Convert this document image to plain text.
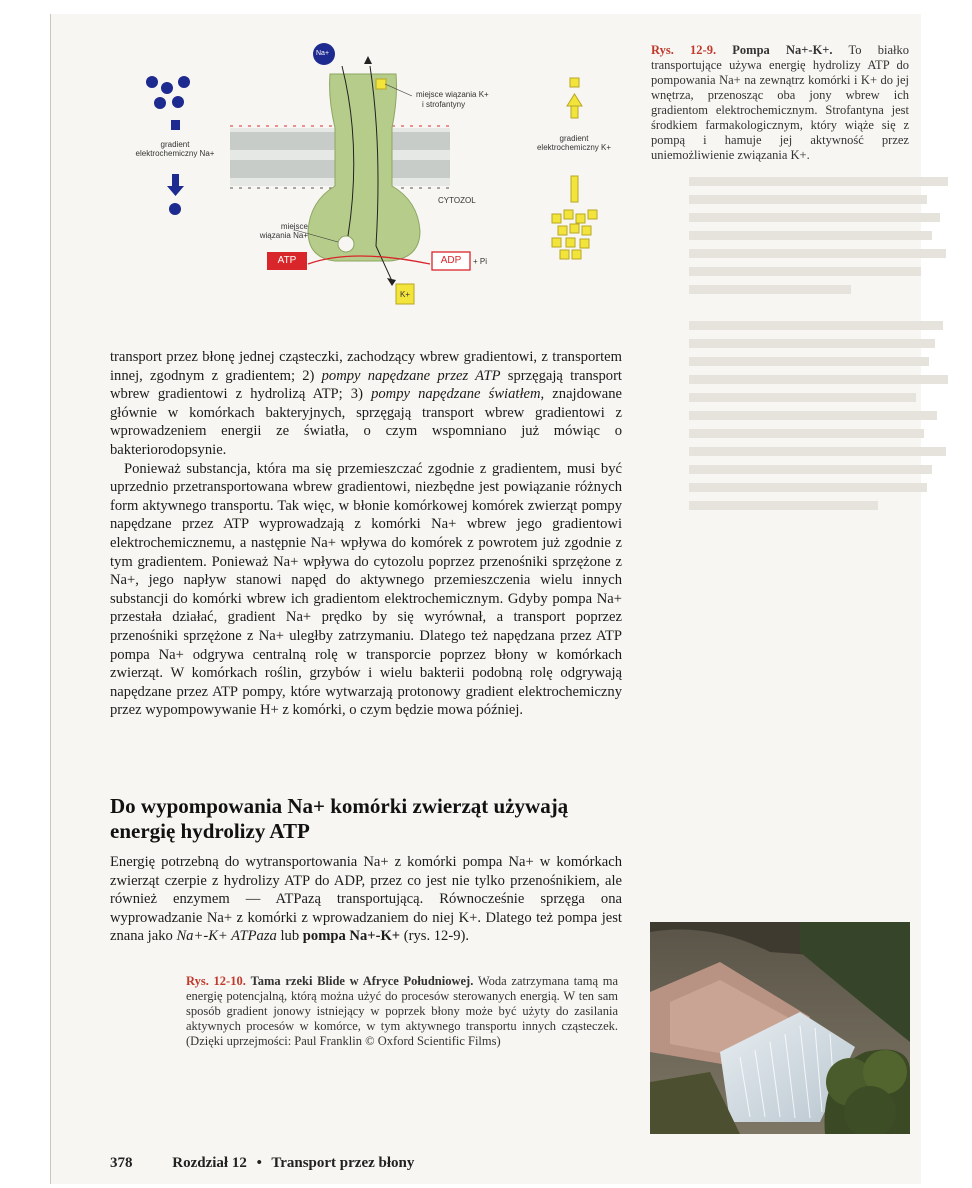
Na+
miejsce wiązania K+
i strofantyny
gradient elektrochemiczny Na+
gradient elektrochemiczny K+
CYTOZOL
miejsce wiązania Na+
ATP	ADP	+ Pi
K+
Rys. 12-9. Pompa Na+-K+. To białko transportujące używa energię hydrolizy ATP do pompowania Na+ na zewnątrz komórki i K+ do jej wnętrza, przenosząc oba jony wbrew ich gradientom elektrochemicznym. Strofantyna jest środkiem farmakologicznym, który wiąże się z pompą i hamuje jej aktywność przez uniemożliwienie związania K+.

transport przez błonę jednej cząsteczki, zachodzący wbrew gradientowi, z transportem innej, zgodnym z gradientem; 2) pompy napędzane przez ATP sprzęgają transport wbrew gradientowi z hydrolizą ATP; 3) pompy napędzane światłem, znajdowane głównie w komórkach bakteryjnych, sprzęgają transport wbrew gradientowi z wprowadzeniem energii ze światła, o czym wspomniano już mówiąc o bakteriorodopsynie.

Ponieważ substancja, która ma się przemieszczać zgodnie z gradientem, musi być uprzednio przetransportowana wbrew gradientowi, niezbędne jest powiązanie różnych form aktywnego transportu. Tak więc, w błonie komórkowej komórek zwierząt pompy napędzane przez ATP wyprowadzają z komórki Na+ wbrew jego gradientowi elektrochemicznemu, a następnie Na+ wpływa do komórek z powrotem już zgodnie z tym gradientem. Ponieważ Na+ wpływa do cytozolu poprzez przenośniki sprzężone z Na+, jego napływ stanowi napęd do aktywnego przemieszczenia wielu innych substancji do komórki wbrew ich gradientom elektrochemicznym. Gdyby pompa Na+ przestała działać, gradient Na+ prędko by się wyrównał, a transport poprzez przenośniki sprzężone z Na+ uległby zatrzymaniu. Dlatego też napędzana przez ATP pompa Na+ odgrywa centralną rolę w transporcie poprzez błony w komórkach zwierząt. W komórkach roślin, grzybów i wielu bakterii podobną rolę odgrywają napędzane przez ATP pompy, które wytwarzają protonowy gradient elektrochemiczny przez wypompowywanie H+ z komórki, o czym będzie mowa później.

Do wypompowania Na+ komórki zwierząt używają energię hydrolizy ATP
Energię potrzebną do wytransportowania Na+ z komórki pompa Na+ w komórkach zwierząt czerpie z hydrolizy ATP do ADP, przez co jest nie tylko przenośnikiem, ale również enzymem — ATPazą transportującą. Równocześnie sprzęga ona wyprowadzanie Na+ z komórki z wprowadzaniem do niej K+. Dlatego też pompa jest znana jako Na+-K+ ATPaza lub pompa Na+-K+ (rys. 12-9).
Rys. 12-10. Tama rzeki Blide w Afryce Południowej. Woda zatrzymana tamą ma energię potencjalną, którą można użyć do procesów sterowanych energią. W ten sam sposób gradient jonowy istniejący w poprzek błony może być użyty do zasilania aktywnych procesów w komórce, w tym aktywnego transportu innych cząsteczek. (Dzięki uprzejmości: Paul Franklin © Oxford Scientific Films)
378	Rozdział 12 • Transport przez błony
